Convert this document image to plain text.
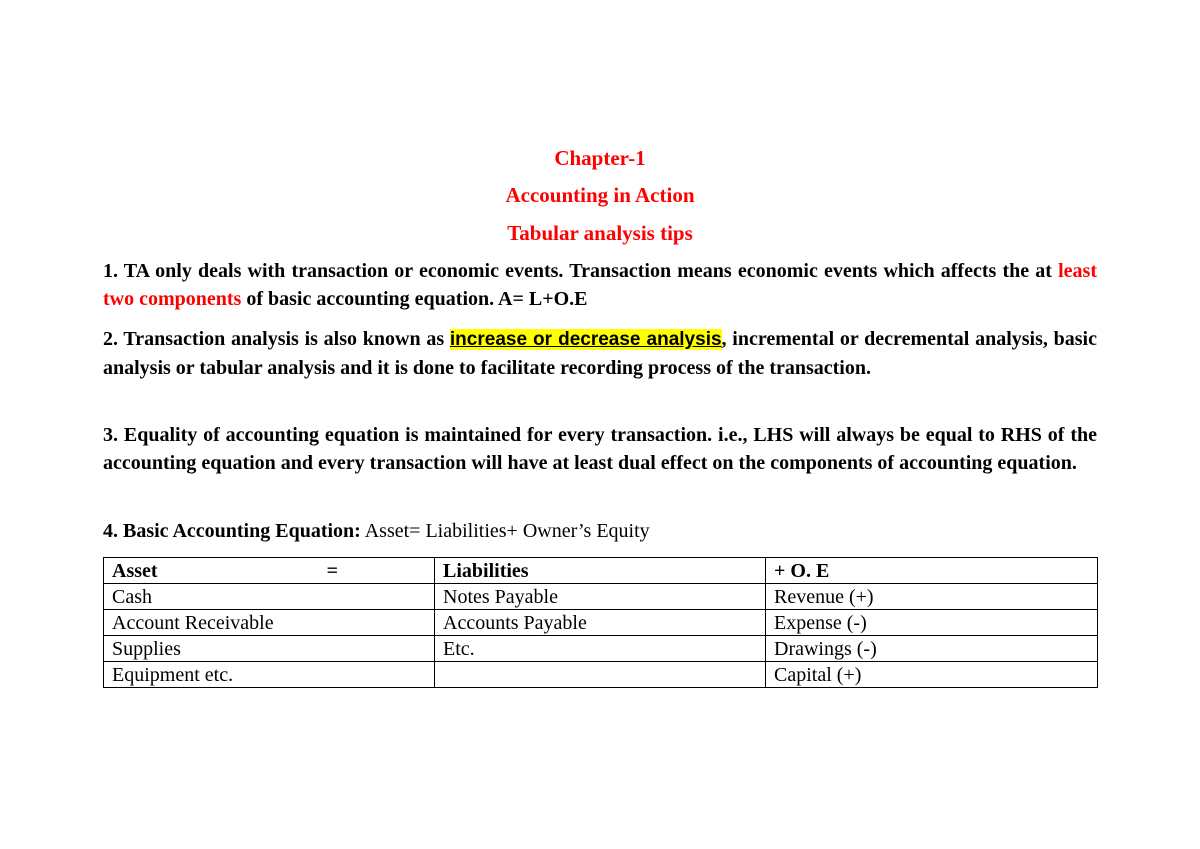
Chapter-1
Accounting in Action
Tabular analysis tips
1. TA only deals with transaction or economic events. Transaction means economic events which affects the at least two components of basic accounting equation. A= L+O.E
2. Transaction analysis is also known as increase or decrease analysis, incremental or decremental analysis, basic analysis or tabular analysis and it is done to facilitate recording process of the transaction.
3. Equality of accounting equation is maintained for every transaction. i.e., LHS will always be equal to RHS of the accounting equation and every transaction will have at least dual effect on the components of accounting equation.
4. Basic Accounting Equation: Asset= Liabilities+ Owner’s Equity
Asset =	Liabilities	+ O. E
Cash	Notes Payable	Revenue (+)
Account Receivable	Accounts Payable	Expense (-)
Supplies	Etc.	Drawings (-)
Equipment etc.		Capital (+)
